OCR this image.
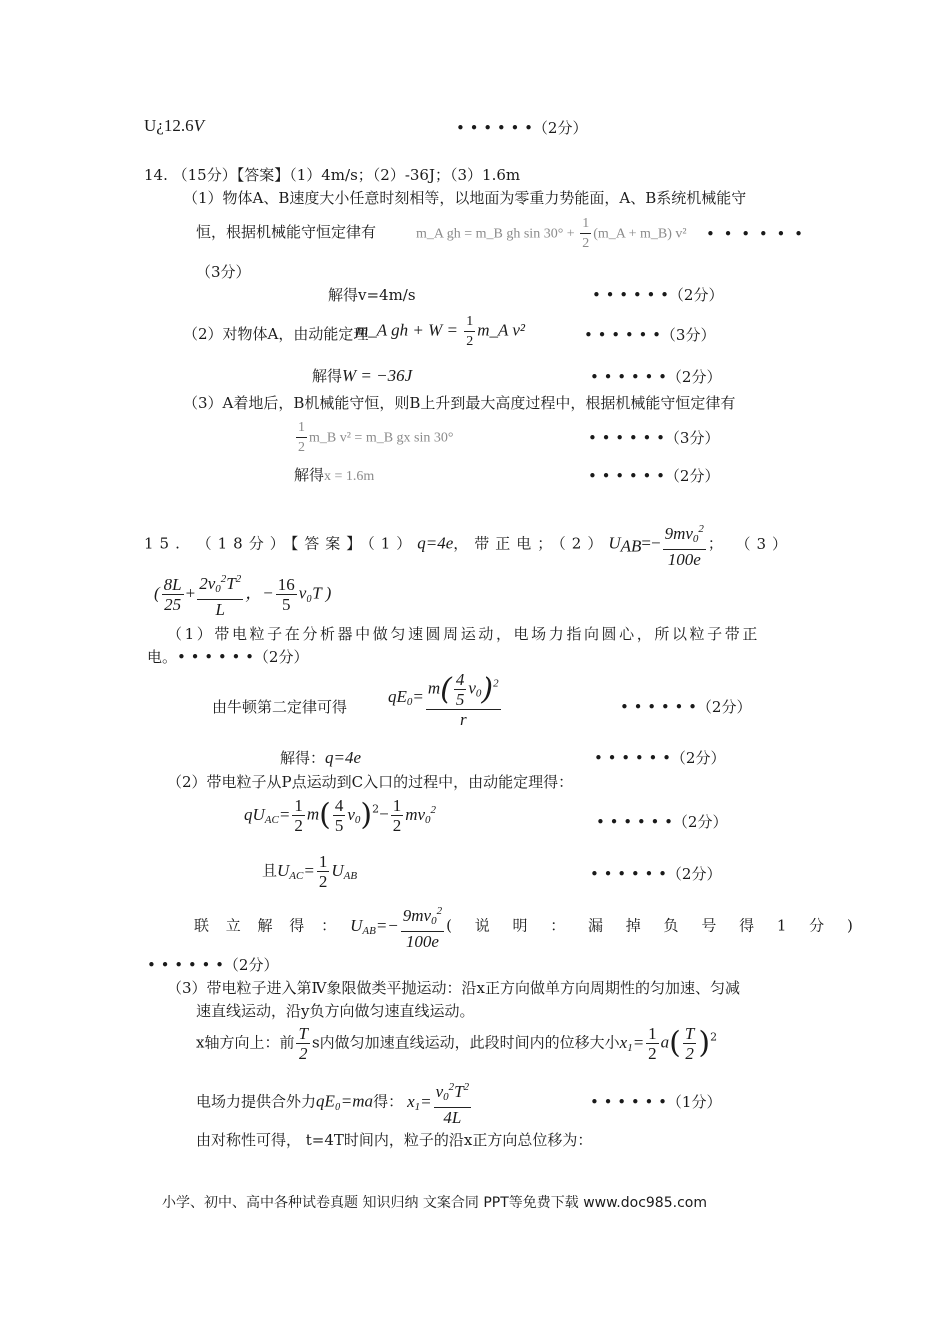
U¿12.6V	• • • • • •（2分）
14. （15分）【答案】（1）4m/s；（2）-36J；（3）1.6m
（1）物体A、B速度大小任意时刻相等，以地面为零重力势能面，A、B系统机械能守
恒，根据机械能守恒定律有	m_A gh = m_B gh $\sin 30^\circ + \frac{1}{2}$ (m_A + m_B) v² • • • • • •
（3分）
解得v=4m/s	• • • • • •（2分）
（2）对物体A，由动能定理
m_A gh + $W = \frac{1}{2}$ m_A v²	• • • • • •（3分）
解得W = −36J	• • • • • •（2分）
（3）A着地后，B机械能守恒，则B上升到最大高度过程中，根据机械能守恒定律有
$\frac{1}{2}$ m_B v² = m_B gx sin 30°	• • • • • •（3分）
解得x = 1.6m	• • • • • •（2分）
15. （18分）【答案】（1）q=4e，带正电；$(2)U_{AB}=- \frac{9mv_0^2}{100e}$ ； （3）
( $\frac{8L}{25} + \frac{2v_0^2T^2}{L}$ ，− $\frac{16}{5} v_0T$ )
（1）带电粒子在分析器中做匀速圆周运动，电场力指向圆心，所以粒子带正
电。• • • • • •（2分）
由牛顿第二定律可得
$qE_0= \frac{m( \frac{4}{5} v_0)^2}{r}$	• • • • • •（2分）
解得：q=4e	• • • • • •（2分）
（2）带电粒子从P点运动到C入口的过程中，由动能定理得：
$qU_{AC}= \frac{1}{2} m( \frac{4}{5} v_0)^2- \frac{1}{2} mv_0^2$
• • • • • •（2分）
且$U_{AC}= \frac{1}{2} U_{AB}$	• • • • • •（2分）
联 立 解 得 ： $U_{AB}=- \frac{9mv_0^2}{100e}$ ( 说 明 ： 漏 掉 负 号 得 1 分 )
• • • • • •（2分）
（3）带电粒子进入第Ⅳ象限做类平抛运动：沿x正方向做单方向周期性的匀加速、匀减
速直线运动，沿y负方向做匀速直线运动。
x轴方向上：前 $\frac{T}{2}$ s内做匀加速直线运动，此段时间内的位移大小$x_1= \frac{1}{2} a( \frac{T}{2} )^2$
电场力提供合外力qE₀=ma得： $x_1= \frac{v_0^2T^2}{4L}$	• • • • • •（1分）
由对称性可得， t=4T时间内，粒子的沿x正方向总位移为：
小学、初中、高中各种试卷真题 知识归纳 文案合同 PPT等免费下载 www.doc985.com
